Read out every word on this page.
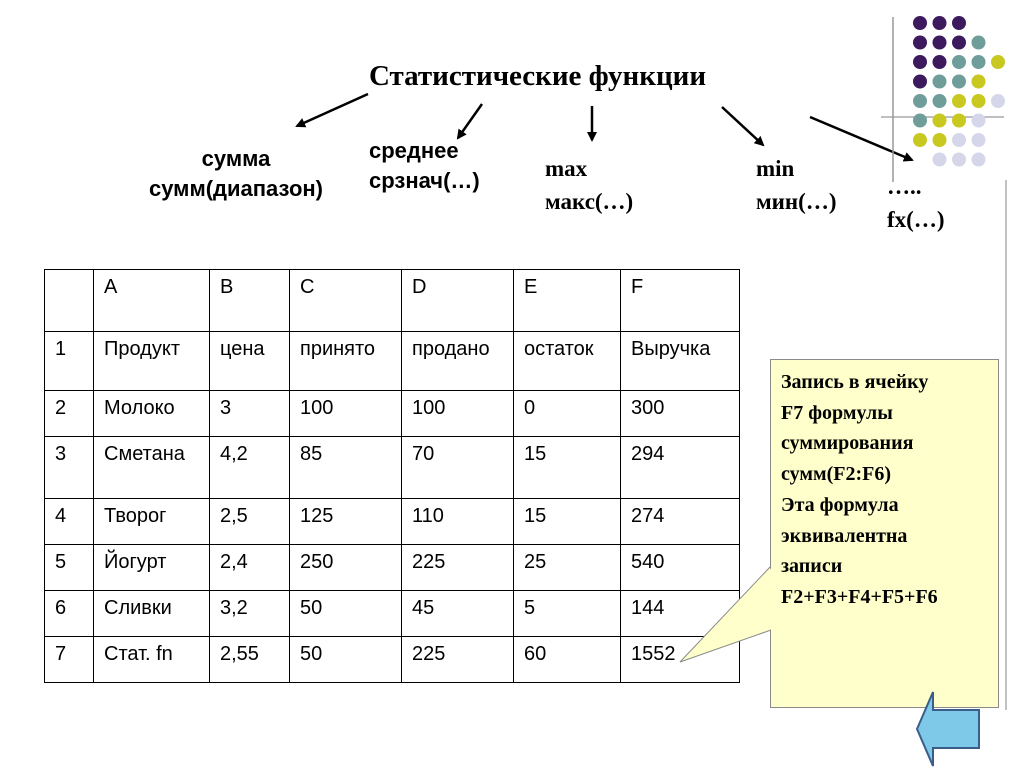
Статистические функции
сумма
сумм(диапазон)
среднее
срзнач(…)	max
макс(…)
min
мин(…)
…..
fx(…)
	A	B	C	D	E	F
1	Продукт	цена	принято	продано	остаток	Выручка
2	Молоко	3	100	100	0	300
3	Сметана	4,2	85	70	15	294
4	Творог	2,5	125	110	15	274
5	Йогурт	2,4	250	225	25	540
6	Сливки	3,2	50	45	5	144
7	Стат. fn	2,55	50	225	60	1552
Запись в ячейку
F7 формулы
суммирования
сумм(F2:F6)
Эта формула
эквивалентна
записи
F2+F3+F4+F5+F6
